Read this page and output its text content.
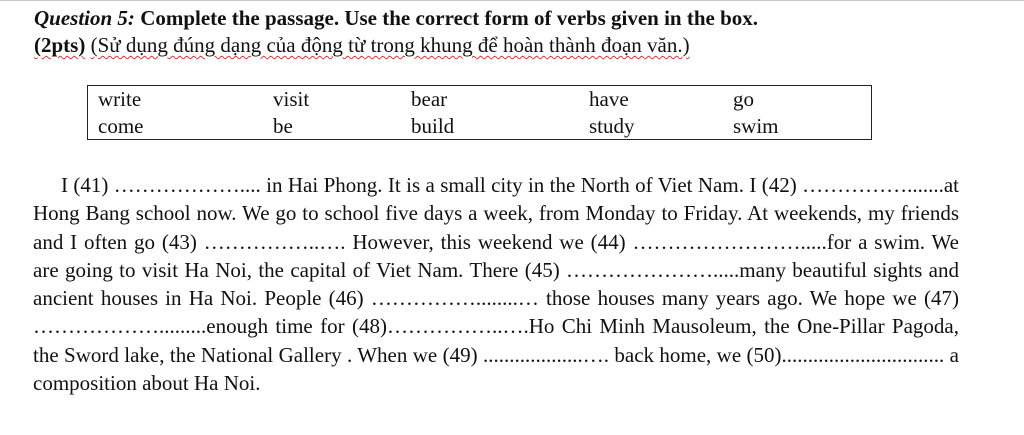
Question 5: Complete the passage. Use the correct form of verbs given in the box.
(2pts) (Sử dụng đúng dạng của động từ trong khung để hoàn thành đoạn văn.)
write	visit	bear	have	go
come	be	build	study	swim
I (41) ……………….... in Hai Phong. It is a small city in the North of Viet Nam. I (42) …………….......at Hong Bang school now. We go to school five days a week, from Monday to Friday. At weekends, my friends and I often go (43) ……………..…. However, this weekend we (44) …………………….....for a swim. We are going to visit Ha Noi, the capital of Viet Nam. There (45) ………………….....many beautiful sights and ancient houses in Ha Noi. People (46) ……………........… those houses many years ago. We hope we (47) ……………….........enough time for (48)……………..….Ho Chi Minh Mausoleum, the One-Pillar Pagoda, the Sword lake, the National Gallery . When we (49) ...................…. back home, we (50)............................... a composition about Ha Noi.
